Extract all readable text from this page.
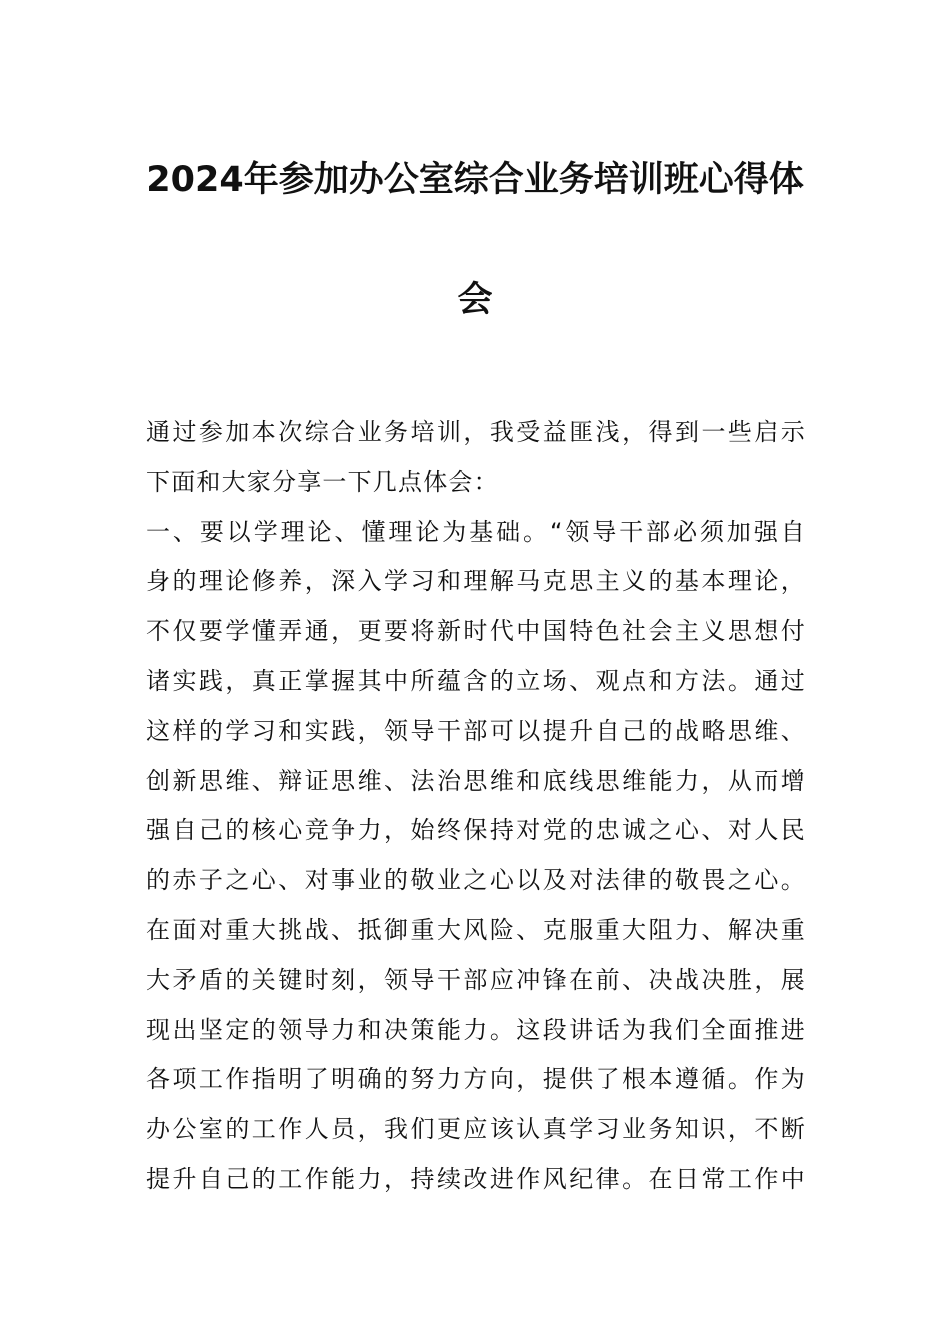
2024年参加办公室综合业务培训班心得体
会
通过参加本次综合业务培训，我受益匪浅，得到一些启示
下面和大家分享一下几点体会：
一、要以学理论、懂理论为基础。“领导干部必须加强自
身的理论修养，深入学习和理解马克思主义的基本理论，
不仅要学懂弄通，更要将新时代中国特色社会主义思想付
诸实践，真正掌握其中所蕴含的立场、观点和方法。通过
这样的学习和实践，领导干部可以提升自己的战略思维、
创新思维、辩证思维、法治思维和底线思维能力，从而增
强自己的核心竞争力，始终保持对党的忠诚之心、对人民
的赤子之心、对事业的敬业之心以及对法律的敬畏之心。
在面对重大挑战、抵御重大风险、克服重大阻力、解决重
大矛盾的关键时刻，领导干部应冲锋在前、决战决胜，展
现出坚定的领导力和决策能力。这段讲话为我们全面推进
各项工作指明了明确的努力方向，提供了根本遵循。作为
办公室的工作人员，我们更应该认真学习业务知识，不断
提升自己的工作能力，持续改进作风纪律。在日常工作中
